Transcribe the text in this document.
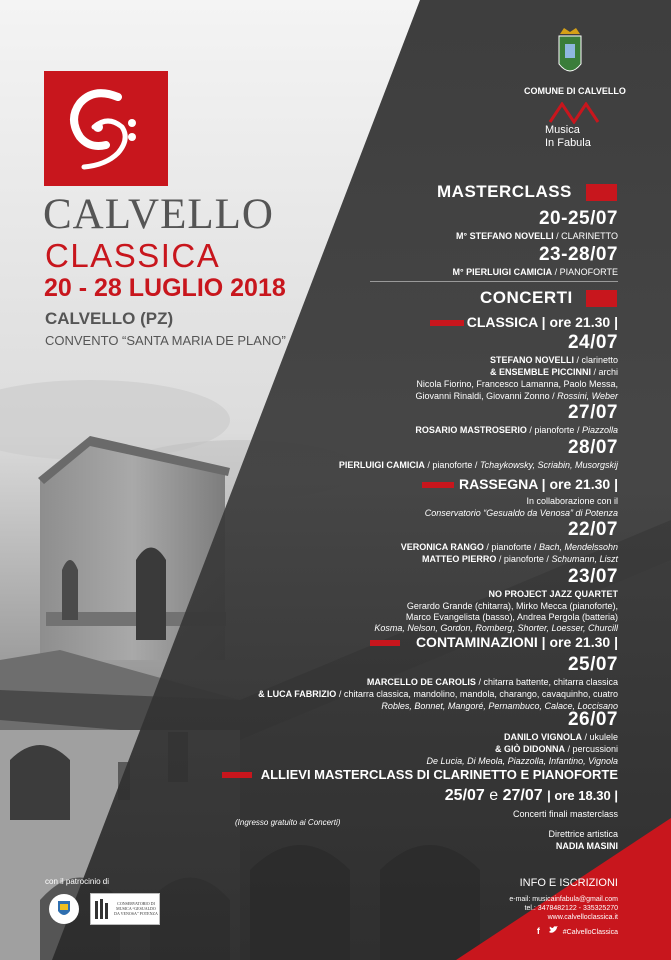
CALVELLO
CLASSICA
20 - 28 LUGLIO 2018
CALVELLO (PZ)
CONVENTO “SANTA MARIA DE PLANO”
COMUNE DI CALVELLO
Musica
In Fabula
MASTERCLASS
20-25/07
M° STEFANO NOVELLI / CLARINETTO
23-28/07
M° PIERLUIGI CAMICIA / PIANOFORTE
CONCERTI
CLASSICA | ore 21.30 |
24/07
STEFANO NOVELLI / clarinetto
& ENSEMBLE PICCINNI / archi
Nicola Fiorino, Francesco Lamanna, Paolo Messa,
Giovanni Rinaldi, Giovanni Zonno / Rossini, Weber
27/07
ROSARIO MASTROSERIO / pianoforte / Piazzolla
28/07
PIERLUIGI CAMICIA / pianoforte / Tchaykowsky, Scriabin, Musorgskij
RASSEGNA | ore 21.30 |
In collaborazione con il
Conservatorio “Gesualdo da Venosa” di Potenza
22/07
VERONICA RANGO / pianoforte / Bach, Mendelssohn
MATTEO PIERRO / pianoforte / Schumann, Liszt
23/07
NO PROJECT JAZZ QUARTET
Gerardo Grande (chitarra), Mirko Mecca (pianoforte),
Marco Evangelista (basso), Andrea Pergola (batteria)
Kosma, Nelson, Gordon, Romberg, Shorter, Loesser, Churcill
CONTAMINAZIONI | ore 21.30 |
25/07
MARCELLO DE CAROLIS / chitarra battente, chitarra classica
& LUCA FABRIZIO / chitarra classica, mandolino, mandola, charango, cavaquinho, cuatro
Robles, Bonnet, Mangoré, Pernambuco, Calace, Loccisano
26/07
DANILO VIGNOLA / ukulele
& GIÒ DIDONNA / percussioni
De Lucia, Di Meola, Piazzolla, Infantino, Vignola
ALLIEVI MASTERCLASS DI CLARINETTO E PIANOFORTE
25/07 e 27/07 | ore 18.30 |
Concerti finali masterclass
(Ingresso gratuito ai Concerti)
Direttrice artistica
NADIA MASINI
con il patrocinio di
CONSERVATORIO DI MUSICA “GESUALDO DA VENOSA” POTENZA
INFO E ISCRIZIONI
e-mail: musicainfabula@gmail.com
tel.: 3478482122 - 335325270
www.calvelloclassica.it
f	#CalvelloClassica
